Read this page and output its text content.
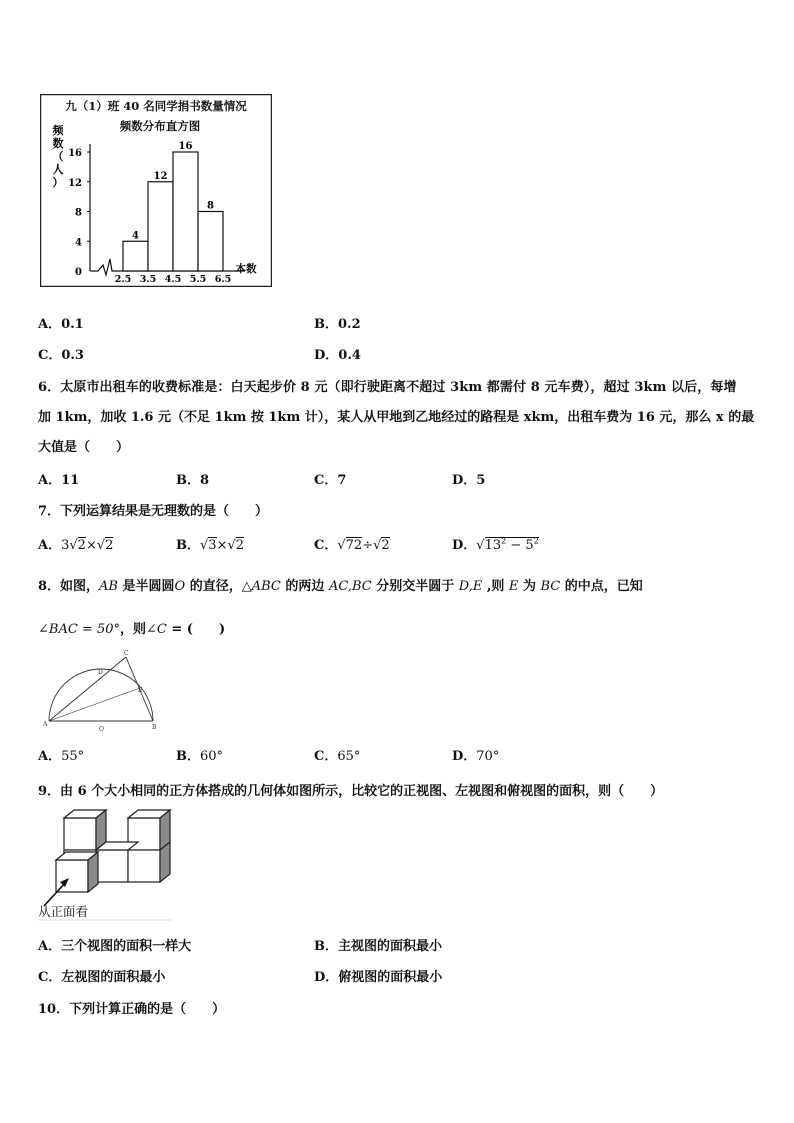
九（1）班 40 名同学捐书数量情况
频数分布直方图
频
数
（
人
）
4
12
16
8
0
4
8
12
16
2.5 3.5 4.5 5.5 6.5
本数
A．0.1	B．0.2
C．0.3	D．0.4
6．太原市出租车的收费标准是：白天起步价 8 元（即行驶距离不超过 3km 都需付 8 元车费），超过 3km 以后，每增
加 1km，加收 1.6 元（不足 1km 按 1km 计），某人从甲地到乙地经过的路程是 xkm，出租车费为 16 元，那么 x 的最
大值是（　　）
A．11	B．8	C．7	D．5
7．下列运算结果是无理数的是（　　）
A．3√2×√2	B．√3×√2	C．√72÷√2	D．$√13^2 - 5^2$
8．如图，AB 是半圆圆O 的直径，△ABC 的两边 AC,BC 分别交半圆于 D,E ,则 E 为 BC 的中点，已知
∠BAC = 50°，则∠C = (　　)
A
O	B
C
D
E
A．55°	B．60°	C．65°	D．70°
9．由 6 个大小相同的正方体搭成的几何体如图所示，比较它的正视图、左视图和俯视图的面积，则（　　）
从正面看
A．三个视图的面积一样大	B．主视图的面积最小
C．左视图的面积最小	D．俯视图的面积最小
10．下列计算正确的是（　　）
